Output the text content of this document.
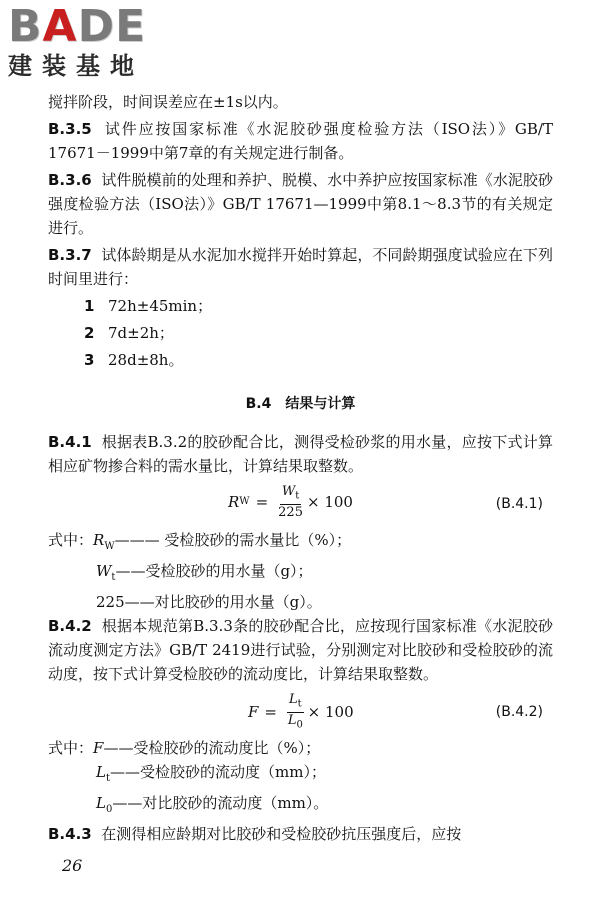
BADE
建装基地

搅拌阶段，时间误差应在±1s以内。

B.3.5 试件应按国家标准《水泥胶砂强度检验方法（ISO法）》GB/T 17671－1999中第7章的有关规定进行制备。

B.3.6 试件脱模前的处理和养护、脱模、水中养护应按国家标准《水泥胶砂强度检验方法（ISO法）》GB/T 17671—1999中第8.1～8.3节的有关规定进行。

B.3.7 试体龄期是从水泥加水搅拌开始时算起，不同龄期强度试验应在下列时间里进行：

1 72h±45min；
2 7d±2h；
3 28d±8h。
B.4 结果与计算

B.4.1 根据表B.3.2的胶砂配合比，测得受检砂浆的用水量，应按下式计算相应矿物掺合料的需水量比，计算结果取整数。

R $W = \frac{W_t}{225} \times 100$	(B.4.1)

式中：$R_W———$ 受检胶砂的需水量比（%）；

$W_t——$受检胶砂的用水量（g）；

225——对比胶砂的用水量（g）。

B.4.2 根据本规范第B.3.3条的胶砂配合比，应按现行国家标准《水泥胶砂流动度测定方法》GB/T 2419进行试验，分别测定对比胶砂和受检胶砂的流动度，按下式计算受检胶砂的流动度比，计算结果取整数。

$F = \frac{L_t}{L_0} \times 100$	(B.4.2)

式中：F——受检胶砂的流动度比（%）；

$L_t——$受检胶砂的流动度（mm）；

$L_0——$对比胶砂的流动度（mm）。

B.4.3 在测得相应龄期对比胶砂和受检胶砂抗压强度后，应按

26
